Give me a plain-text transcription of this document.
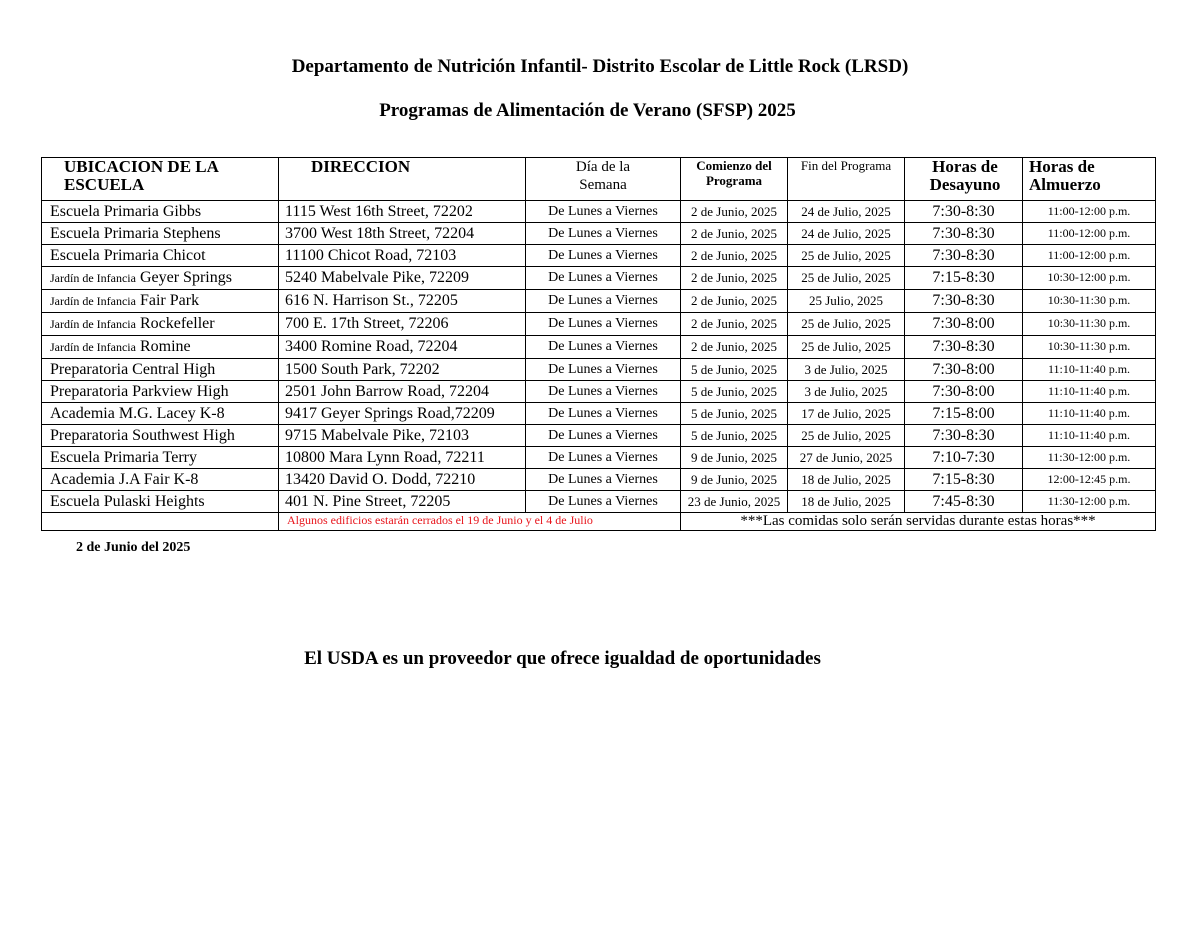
Departamento de Nutrición Infantil- Distrito Escolar de Little Rock (LRSD)
Programas de Alimentación de Verano (SFSP) 2025
UBICACION DE LA ESCUELA	DIRECCION	Día de la Semana	Comienzo del Programa	Fin del Programa	Horas de Desayuno	Horas de Almuerzo
Escuela Primaria Gibbs	1115 West 16th Street, 72202	De Lunes a Viernes	2 de Junio, 2025	24 de Julio, 2025	7:30-8:30	11:00-12:00 p.m.
Escuela Primaria Stephens	3700 West 18th Street, 72204	De Lunes a Viernes	2 de Junio, 2025	24 de Julio, 2025	7:30-8:30	11:00-12:00 p.m.
Escuela Primaria Chicot	11100 Chicot Road, 72103	De Lunes a Viernes	2 de Junio, 2025	25 de Julio, 2025	7:30-8:30	11:00-12:00 p.m.
Jardín de Infancia Geyer Springs	5240 Mabelvale Pike, 72209	De Lunes a Viernes	2 de Junio, 2025	25 de Julio, 2025	7:15-8:30	10:30-12:00 p.m.
Jardín de Infancia Fair Park	616 N. Harrison St., 72205	De Lunes a Viernes	2 de Junio, 2025	25 Julio, 2025	7:30-8:30	10:30-11:30 p.m.
Jardín de Infancia Rockefeller	700 E. 17th Street, 72206	De Lunes a Viernes	2 de Junio, 2025	25 de Julio, 2025	7:30-8:00	10:30-11:30 p.m.
Jardín de Infancia Romine	3400 Romine Road, 72204	De Lunes a Viernes	2 de Junio, 2025	25 de Julio, 2025	7:30-8:30	10:30-11:30 p.m.
Preparatoria Central High	1500 South Park, 72202	De Lunes a Viernes	5 de Junio, 2025	3 de Julio, 2025	7:30-8:00	11:10-11:40 p.m.
Preparatoria Parkview High	2501 John Barrow Road, 72204	De Lunes a Viernes	5 de Junio, 2025	3 de Julio, 2025	7:30-8:00	11:10-11:40 p.m.
Academia M.G. Lacey K-8	9417 Geyer Springs Road,72209	De Lunes a Viernes	5 de Junio, 2025	17 de Julio, 2025	7:15-8:00	11:10-11:40 p.m.
Preparatoria Southwest High	9715 Mabelvale Pike, 72103	De Lunes a Viernes	5 de Junio, 2025	25 de Julio, 2025	7:30-8:30	11:10-11:40 p.m.
Escuela Primaria Terry	10800 Mara Lynn Road, 72211	De Lunes a Viernes	9 de Junio, 2025	27 de Junio, 2025	7:10-7:30	11:30-12:00 p.m.
Academia J.A Fair K-8	13420 David O. Dodd, 72210	De Lunes a Viernes	9 de Junio, 2025	18 de Julio, 2025	7:15-8:30	12:00-12:45 p.m.
Escuela Pulaski Heights	401 N. Pine Street, 72205	De Lunes a Viernes	23 de Junio, 2025	18 de Julio, 2025	7:45-8:30	11:30-12:00 p.m.
	Algunos edificios estarán cerrados el 19 de Junio y el 4 de Julio		***Las comidas solo serán servidas durante estas horas***			
2 de Junio del 2025
El USDA es un proveedor que ofrece igualdad de oportunidades
